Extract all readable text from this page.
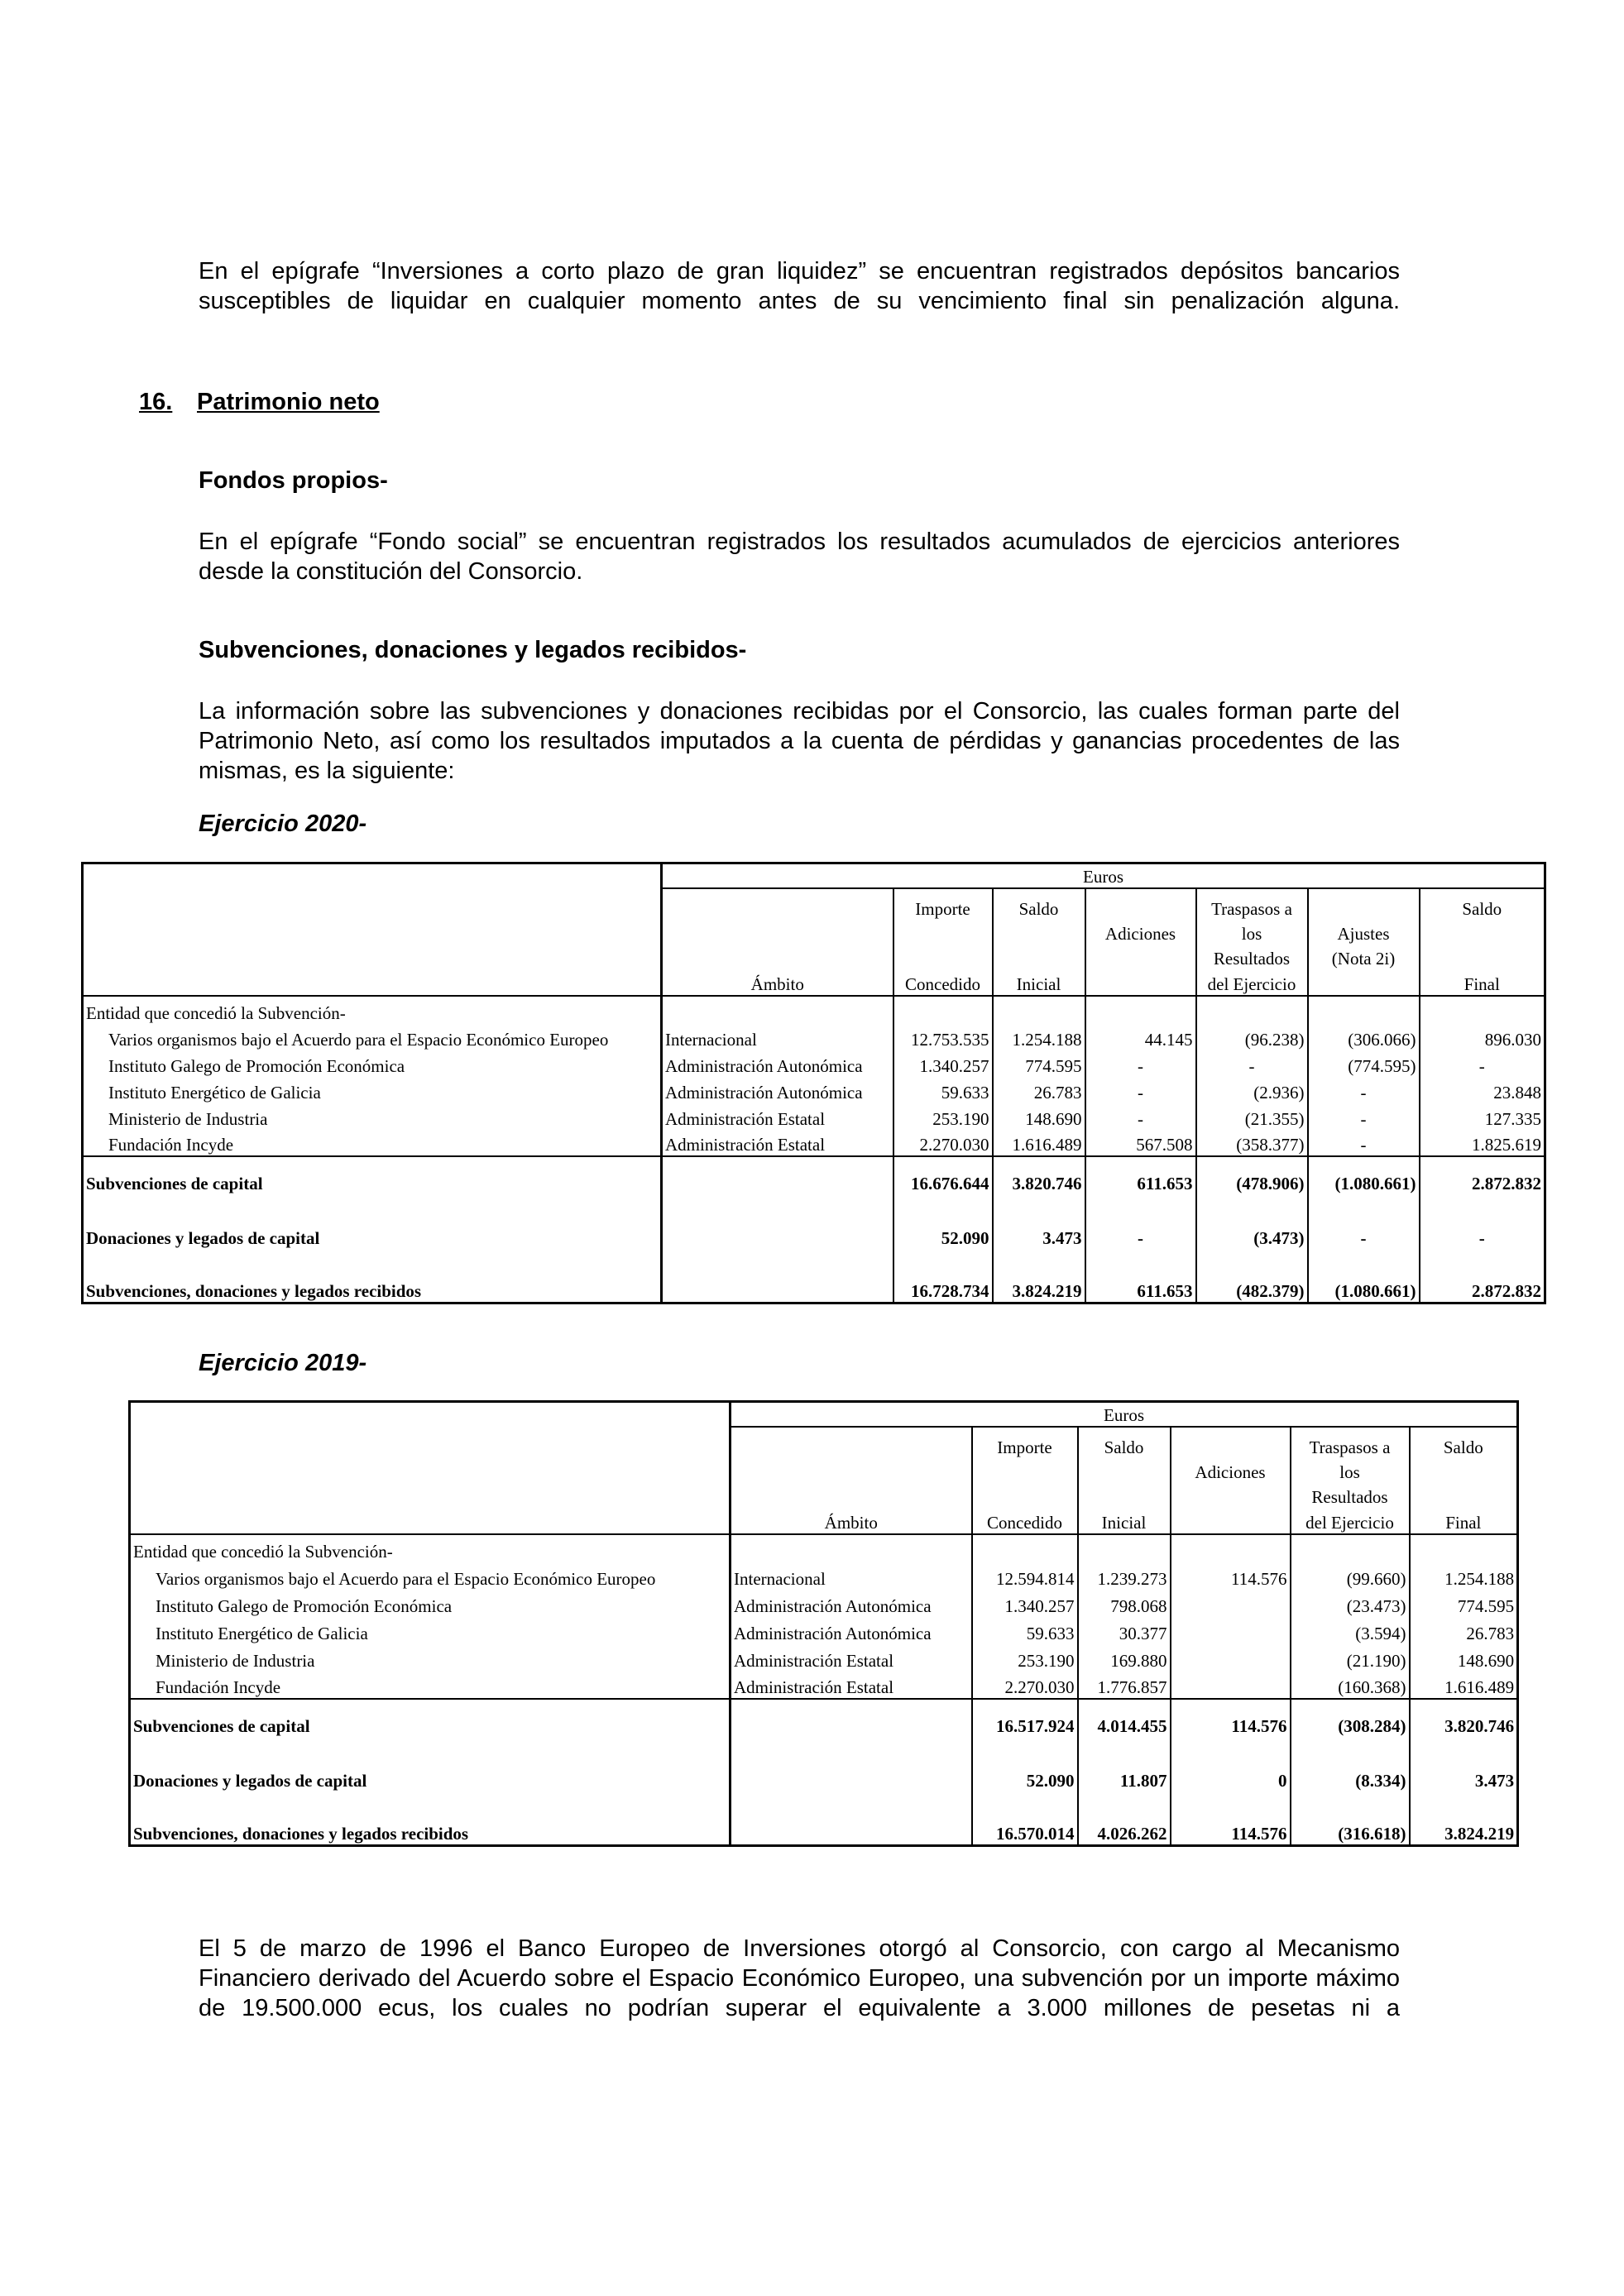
En el epígrafe “Inversiones a corto plazo de gran liquidez” se encuentran registrados depósitos bancarios susceptibles de liquidar en cualquier momento antes de su vencimiento final sin penalización alguna.
16. Patrimonio neto
Fondos propios-
En el epígrafe “Fondo social” se encuentran registrados los resultados acumulados de ejercicios anteriores desde la constitución del Consorcio.
Subvenciones, donaciones y legados recibidos-
La información sobre las subvenciones y donaciones recibidas por el Consorcio, las cuales forman parte del Patrimonio Neto, así como los resultados imputados a la cuenta de pérdidas y ganancias procedentes de las mismas, es la siguiente:
Ejercicio 2020-
	Euros						
		Importe	Saldo		Traspasos a		Saldo
				Adiciones	los	Ajustes	
					Resultados	(Nota 2i)	
	Ámbito	Concedido	Inicial		del Ejercicio		Final
Entidad que concedió la Subvención-							
Varios organismos bajo el Acuerdo para el Espacio Económico Europeo	Internacional	12.753.535	1.254.188	44.145	(96.238)	(306.066)	896.030
Instituto Galego de Promoción Económica	Administración Autonómica	1.340.257	774.595	-	-	(774.595)	-
Instituto Energético de Galicia	Administración Autonómica	59.633	26.783	-	(2.936)	-	23.848
Ministerio de Industria	Administración Estatal	253.190	148.690	-	(21.355)	-	127.335
Fundación Incyde	Administración Estatal	2.270.030	1.616.489	567.508	(358.377)	-	1.825.619
Subvenciones de capital		16.676.644	3.820.746	611.653	(478.906)	(1.080.661)	2.872.832
Donaciones y legados de capital		52.090	3.473	-	(3.473)	-	-
Subvenciones, donaciones y legados recibidos		16.728.734	3.824.219	611.653	(482.379)	(1.080.661)	2.872.832
Ejercicio 2019-
	Euros					
		Importe	Saldo		Traspasos a	Saldo
				Adiciones	los	
					Resultados	
	Ámbito	Concedido	Inicial		del Ejercicio	Final
Entidad que concedió la Subvención-						
Varios organismos bajo el Acuerdo para el Espacio Económico Europeo	Internacional	12.594.814	1.239.273	114.576	(99.660)	1.254.188
Instituto Galego de Promoción Económica	Administración Autonómica	1.340.257	798.068		(23.473)	774.595
Instituto Energético de Galicia	Administración Autonómica	59.633	30.377		(3.594)	26.783
Ministerio de Industria	Administración Estatal	253.190	169.880		(21.190)	148.690
Fundación Incyde	Administración Estatal	2.270.030	1.776.857		(160.368)	1.616.489
Subvenciones de capital		16.517.924	4.014.455	114.576	(308.284)	3.820.746
Donaciones y legados de capital		52.090	11.807	0	(8.334)	3.473
Subvenciones, donaciones y legados recibidos		16.570.014	4.026.262	114.576	(316.618)	3.824.219
El 5 de marzo de 1996 el Banco Europeo de Inversiones otorgó al Consorcio, con cargo al Mecanismo Financiero derivado del Acuerdo sobre el Espacio Económico Europeo, una subvención por un importe máximo de 19.500.000 ecus, los cuales no podrían superar el equivalente a 3.000 millones de pesetas ni a
